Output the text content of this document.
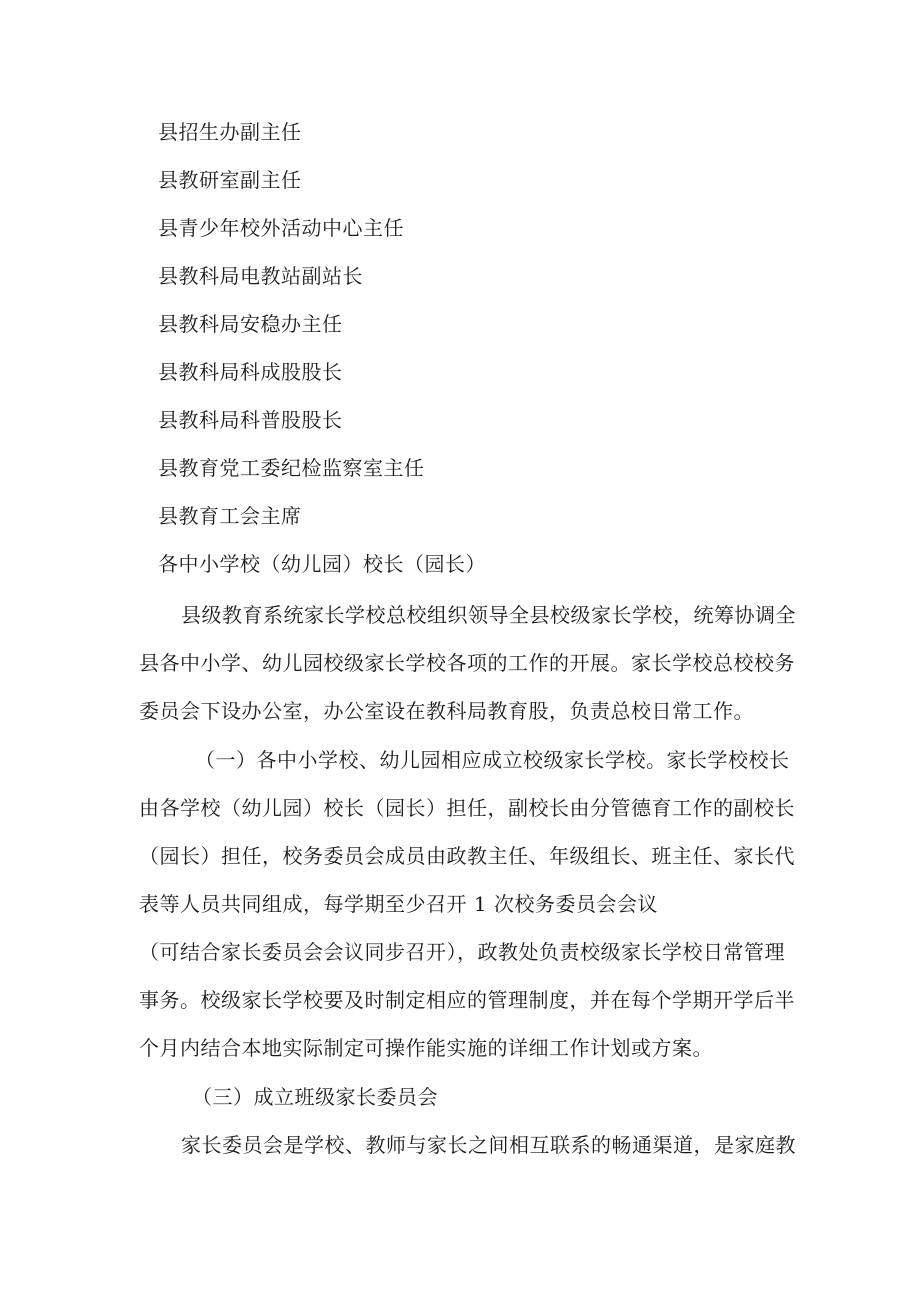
县招生办副主任
县教研室副主任
县青少年校外活动中心主任
县教科局电教站副站长
县教科局安稳办主任
县教科局科成股股长
县教科局科普股股长
县教育党工委纪检监察室主任
县教育工会主席
各中小学校（幼儿园）校长（园长）
县级教育系统家长学校总校组织领导全县校级家长学校，统筹协调全
县各中小学、幼儿园校级家长学校各项的工作的开展。家长学校总校校务
委员会下设办公室，办公室设在教科局教育股，负责总校日常工作。
（一）各中小学校、幼儿园相应成立校级家长学校。家长学校校长
由各学校（幼儿园）校长（园长）担任，副校长由分管德育工作的副校长
（园长）担任，校务委员会成员由政教主任、年级组长、班主任、家长代
表等人员共同组成，每学期至少召开 1 次校务委员会会议
（可结合家长委员会会议同步召开），政教处负责校级家长学校日常管理
事务。校级家长学校要及时制定相应的管理制度，并在每个学期开学后半
个月内结合本地实际制定可操作能实施的详细工作计划或方案。
（三）成立班级家长委员会
家长委员会是学校、教师与家长之间相互联系的畅通渠道，是家庭教
